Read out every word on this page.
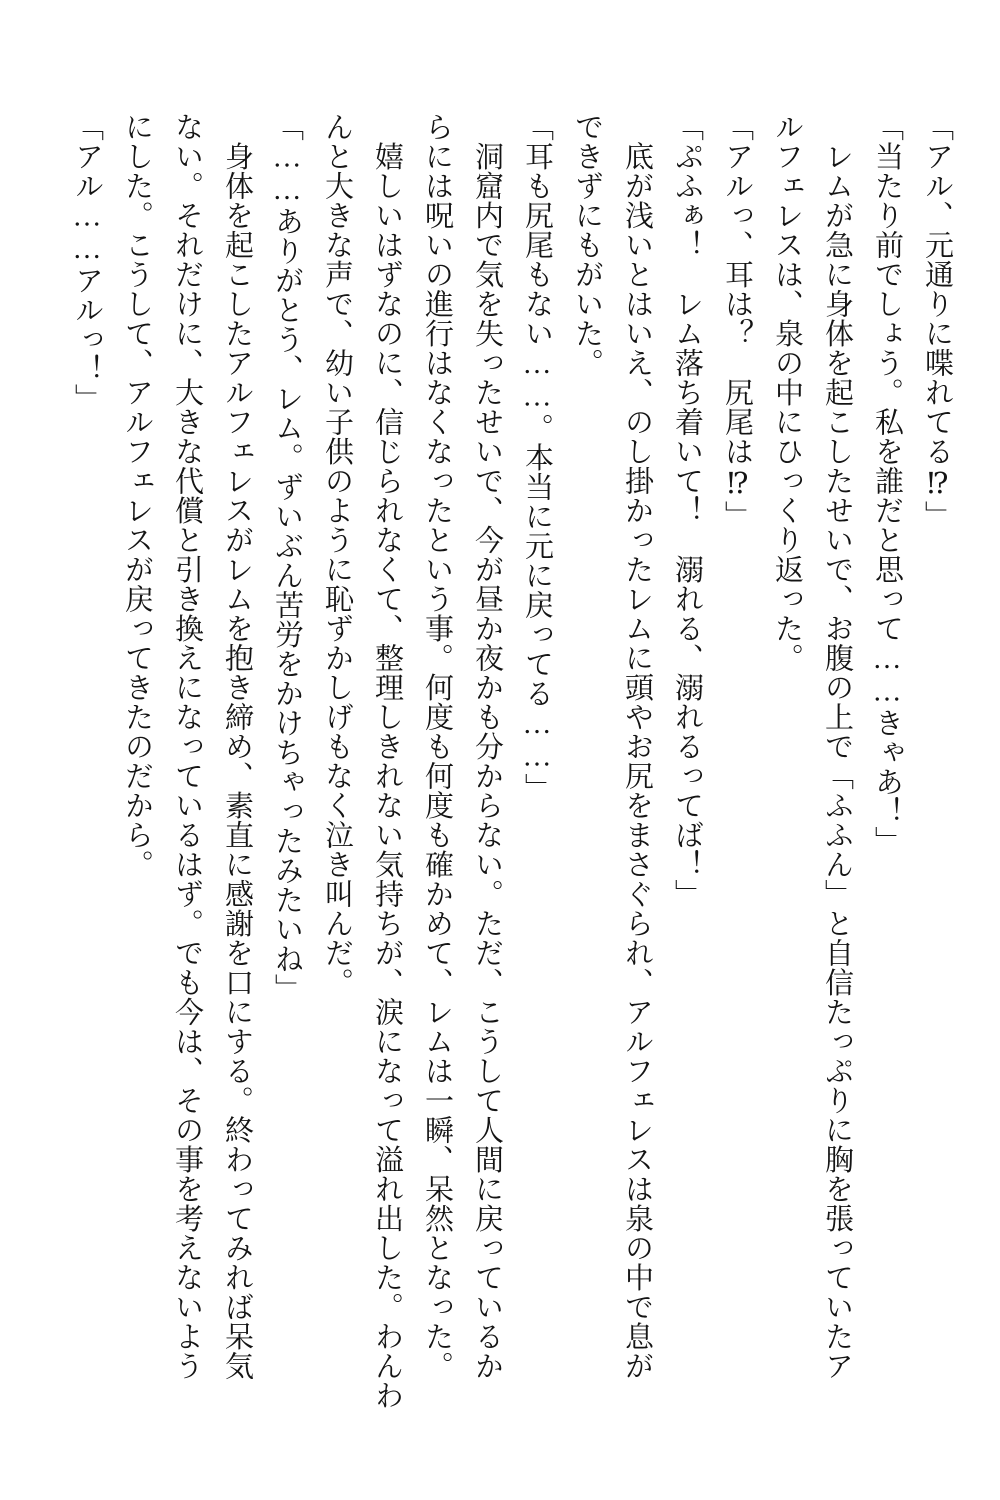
「アル、元通りに喋れてる⁉」
「当たり前でしょう。私を誰だと思って……きゃあ！」
　レムが急に身体を起こしたせいで、お腹の上で「ふふん」と自信たっぷりに胸を張っていたア
ルフェレスは、泉の中にひっくり返った。
「アルっ、耳は？　尻尾は⁉」
「ぷふぁ！　レム落ち着いて！　溺れる、溺れるってば！」
　底が浅いとはいえ、のし掛かったレムに頭やお尻をまさぐられ、アルフェレスは泉の中で息が
できずにもがいた。
「耳も尻尾もない……。本当に元に戻ってる……」
　洞窟内で気を失ったせいで、今が昼か夜かも分からない。ただ、こうして人間に戻っているか
らには呪いの進行はなくなったという事。何度も何度も確かめて、レムは一瞬、呆然となった。
　嬉しいはずなのに、信じられなくて、整理しきれない気持ちが、涙になって溢れ出した。わんわ
んと大きな声で、幼い子供のように恥ずかしげもなく泣き叫んだ。
「……ありがとう、レム。ずいぶん苦労をかけちゃったみたいね」
　身体を起こしたアルフェレスがレムを抱き締め、素直に感謝を口にする。終わってみれば呆気
ない。それだけに、大きな代償と引き換えになっているはず。でも今は、その事を考えないよう
にした。こうして、アルフェレスが戻ってきたのだから。
「アル……アルっ！」
